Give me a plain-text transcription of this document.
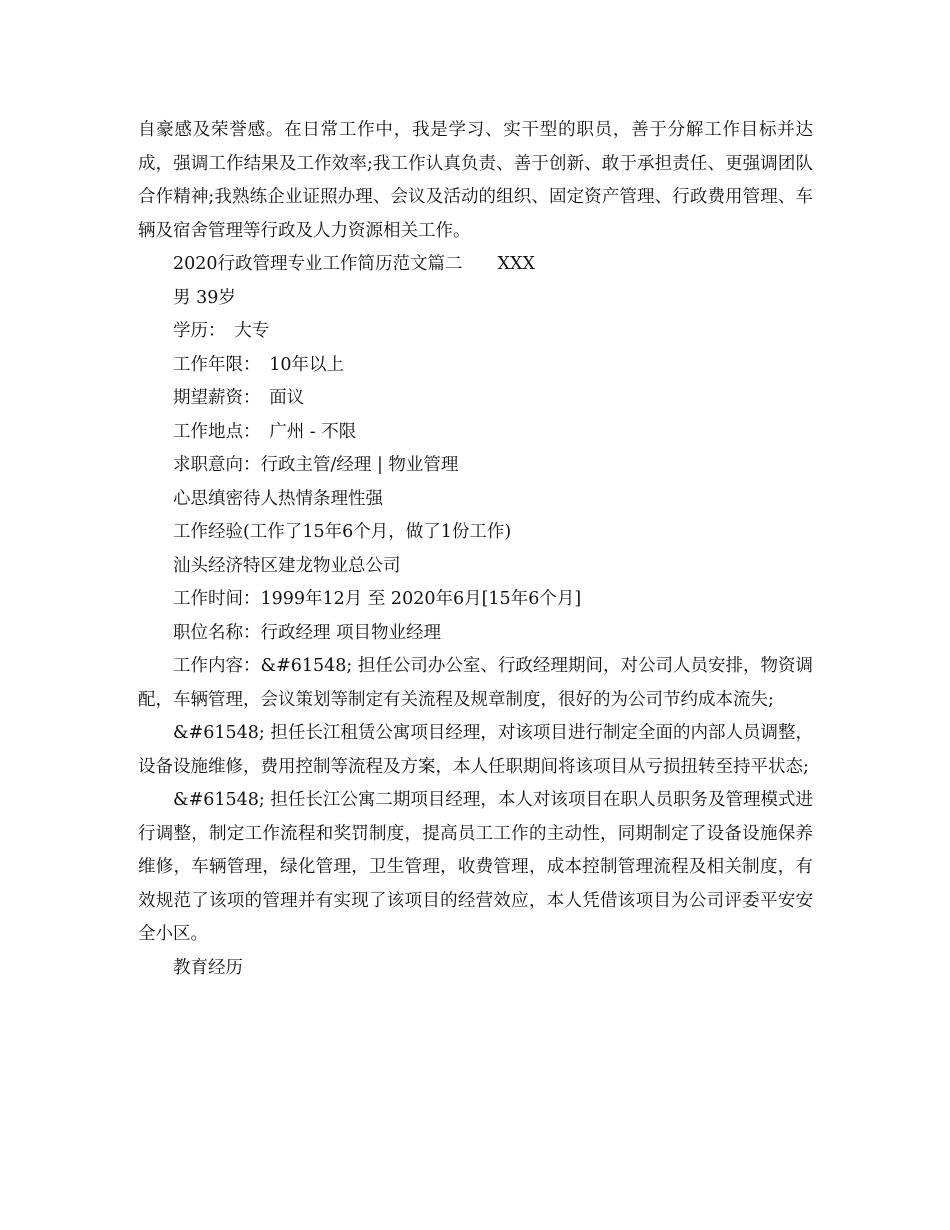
自豪感及荣誉感。在日常工作中，我是学习、实干型的职员，善于分解工作目标并达成，强调工作结果及工作效率;我工作认真负责、善于创新、敢于承担责任、更强调团队合作精神;我熟练企业证照办理、会议及活动的组织、固定资产管理、行政费用管理、车辆及宿舍管理等行政及人力资源相关工作。

2020行政管理专业工作简历范文篇二　　XXX

男 39岁

学历：　大专

工作年限：　10年以上

期望薪资：　面议

工作地点：　广州 - 不限

求职意向：行政主管/经理 | 物业管理

心思缜密待人热情条理性强

工作经验(工作了15年6个月，做了1份工作)

汕头经济特区建龙物业总公司

工作时间：1999年12月 至 2020年6月[15年6个月]

职位名称：行政经理 项目物业经理

工作内容：&#61548; 担任公司办公室、行政经理期间，对公司人员安排，物资调配，车辆管理，会议策划等制定有关流程及规章制度，很好的为公司节约成本流失;

&#61548; 担任长江租赁公寓项目经理，对该项目进行制定全面的内部人员调整，设备设施维修，费用控制等流程及方案，本人任职期间将该项目从亏损扭转至持平状态;

&#61548; 担任长江公寓二期项目经理，本人对该项目在职人员职务及管理模式进行调整，制定工作流程和奖罚制度，提高员工工作的主动性，同期制定了设备设施保养维修，车辆管理，绿化管理，卫生管理，收费管理，成本控制管理流程及相关制度，有效规范了该项的管理并有实现了该项目的经营效应，本人凭借该项目为公司评委平安安全小区。

教育经历
